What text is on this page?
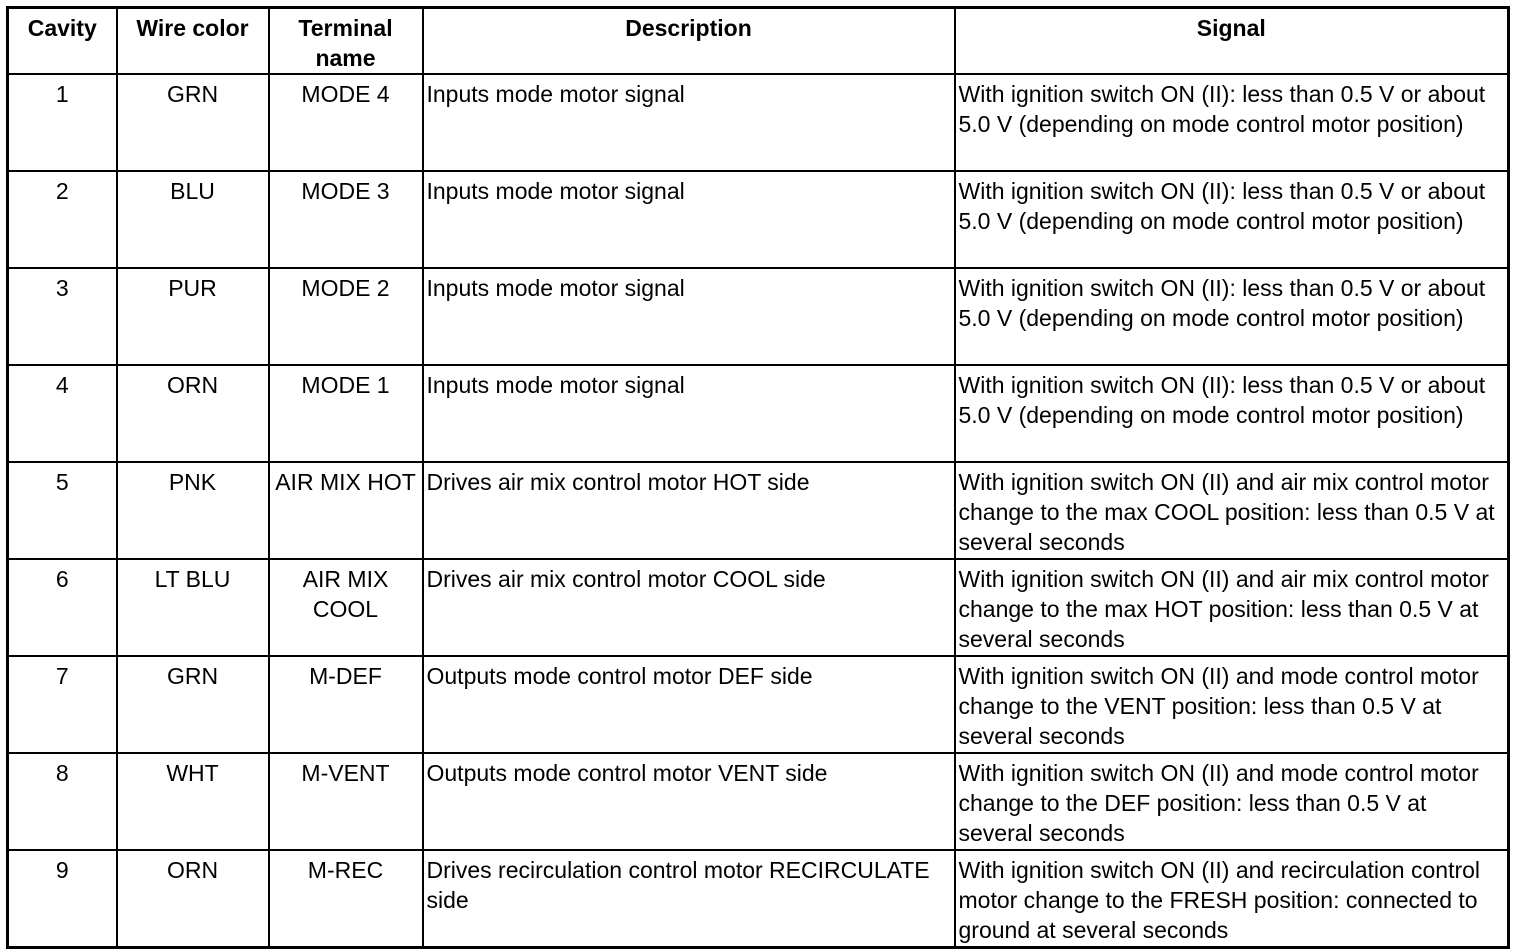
Cavity	Wire color	Terminal name	Description	Signal
1	GRN	MODE 4	Inputs mode motor signal	With ignition switch ON (II): less than 0.5 V or about 5.0 V (depending on mode control motor position)
2	BLU	MODE 3	Inputs mode motor signal	With ignition switch ON (II): less than 0.5 V or about 5.0 V (depending on mode control motor position)
3	PUR	MODE 2	Inputs mode motor signal	With ignition switch ON (II): less than 0.5 V or about 5.0 V (depending on mode control motor position)
4	ORN	MODE 1	Inputs mode motor signal	With ignition switch ON (II): less than 0.5 V or about 5.0 V (depending on mode control motor position)
5	PNK	AIR MIX HOT	Drives air mix control motor HOT side	With ignition switch ON (II) and air mix control motor change to the max COOL position: less than 0.5 V at several seconds
6	LT BLU	AIR MIX COOL	Drives air mix control motor COOL side	With ignition switch ON (II) and air mix control motor change to the max HOT position: less than 0.5 V at several seconds
7	GRN	M-DEF	Outputs mode control motor DEF side	With ignition switch ON (II) and mode control motor change to the VENT position: less than 0.5 V at several seconds
8	WHT	M-VENT	Outputs mode control motor VENT side	With ignition switch ON (II) and mode control motor change to the DEF position: less than 0.5 V at several seconds
9	ORN	M-REC	Drives recirculation control motor RECIRCULATE side	With ignition switch ON (II) and recirculation control motor change to the FRESH position: connected to ground at several seconds
